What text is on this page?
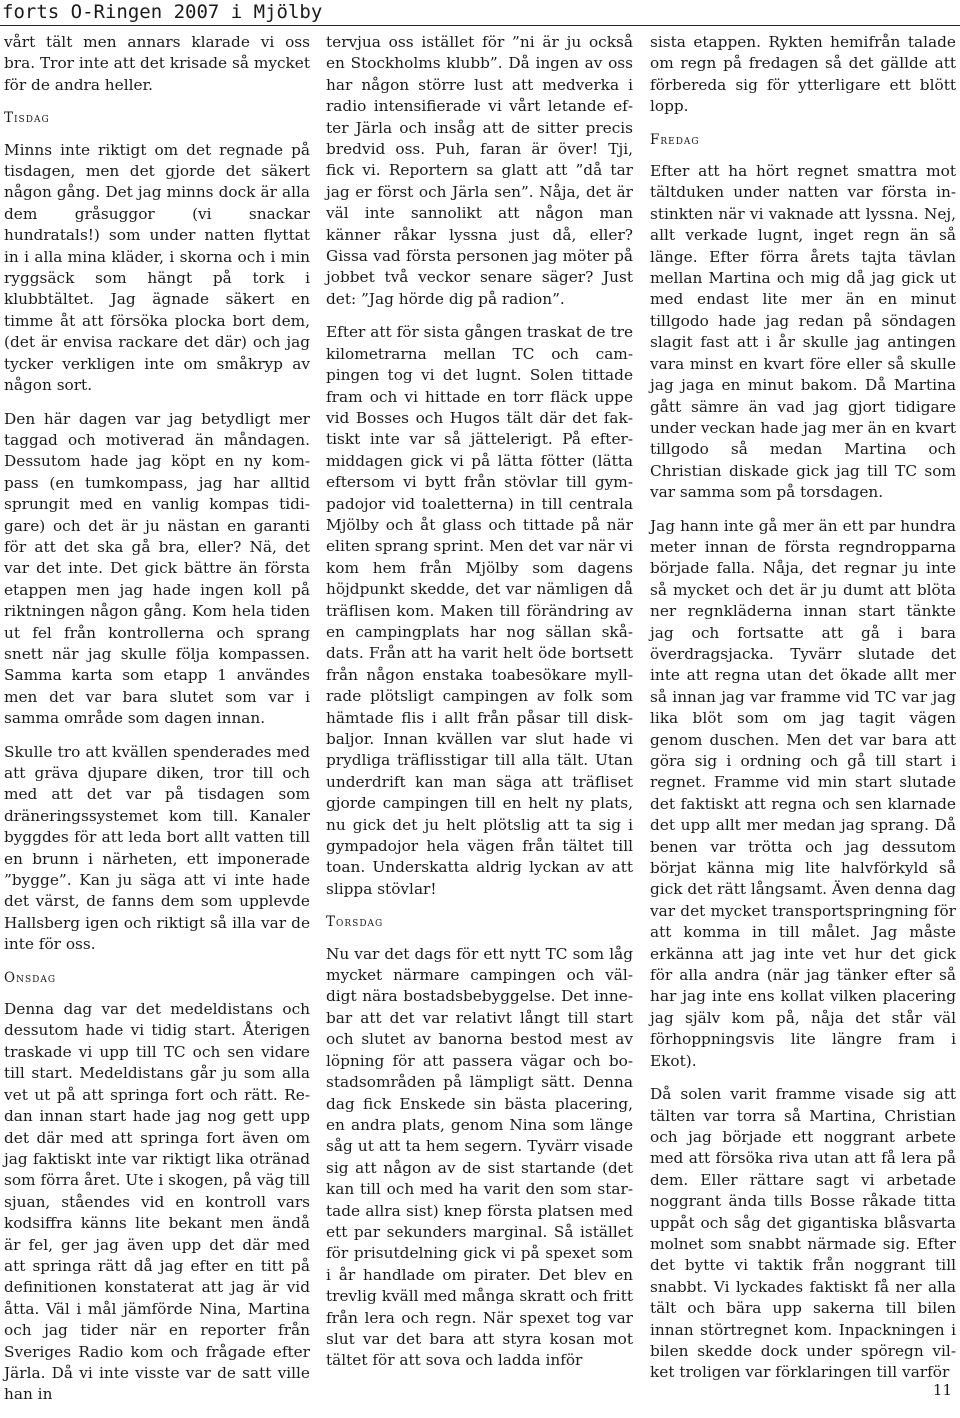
forts O-Ringen 2007 i Mjölby

vårt tält men annars klarade vi oss bra. Tror inte att det krisade så mycket för de andra heller.

Tisdag

Minns inte riktigt om det regnade på tisdagen, men det gjorde det säkert någon gång. Det jag minns dock är alla dem gråsuggor (vi snackar hundratals!) som under natten flyttat in i alla mina kläder, i skorna och i min ryggsäck som hängt på tork i klubbtältet. Jag ägnade säkert en timme åt att försöka plocka bort dem, (det är envisa rackare det där) och jag tycker verkligen inte om småkryp av någon sort.

Den här dagen var jag betydligt mer taggad och motiverad än måndagen. Dessutom hade jag köpt en ny kompass (en tumkompass, jag har alltid sprungit med en vanlig kompas tidigare) och det är ju nästan en garanti för att det ska gå bra, eller? Nä, det var det inte. Det gick bättre än första etappen men jag hade ingen koll på riktningen någon gång. Kom hela tiden ut fel från kontrollerna och sprang snett när jag skulle följa kompassen. Samma karta som etapp 1 användes men det var bara slutet som var i samma område som dagen innan.

Skulle tro att kvällen spenderades med att gräva djupare diken, tror till och med att det var på tisdagen som dräneringssystemet kom till. Kanaler byggdes för att leda bort allt vatten till en brunn i närheten, ett imponerade ”bygge”. Kan ju säga att vi inte hade det värst, de fanns dem som upplevde Hallsberg igen och riktigt så illa var de inte för oss.

Onsdag

Denna dag var det medeldistans och dessutom hade vi tidig start. Återigen traskade vi upp till TC och sen vidare till start. Medeldistans går ju som alla vet ut på att springa fort och rätt. Redan innan start hade jag nog gett upp det där med att springa fort även om jag faktiskt inte var riktigt lika otränad som förra året. Ute i skogen, på väg till sjuan, ståendes vid en kontroll vars kodsiffra känns lite bekant men ändå är fel, ger jag även upp det där med att springa rätt då jag efter en titt på definitionen konstaterat att jag är vid åtta. Väl i mål jämförde Nina, Martina och jag tider när en reporter från Sveriges Radio kom och frågade efter Järla. Då vi inte visste var de satt ville han in

tervjua oss istället för ”ni är ju också en Stockholms klubb”. Då ingen av oss har någon större lust att medverka i radio intensifierade vi vårt letande efter Järla och insåg att de sitter precis bredvid oss. Puh, faran är över! Tji, fick vi. Reportern sa glatt att ”då tar jag er först och Järla sen”. Nåja, det är väl inte sannolikt att någon man känner råkar lyssna just då, eller? Gissa vad första personen jag möter på jobbet två veckor senare säger? Just det: ”Jag hörde dig på radion”.

Efter att för sista gången traskat de tre kilometrarna mellan TC och campingen tog vi det lugnt. Solen tittade fram och vi hittade en torr fläck uppe vid Bosses och Hugos tält där det faktiskt inte var så jättelerigt. På eftermiddagen gick vi på lätta fötter (lätta eftersom vi bytt från stövlar till gympadojor vid toaletterna) in till centrala Mjölby och åt glass och tittade på när eliten sprang sprint. Men det var när vi kom hem från Mjölby som dagens höjdpunkt skedde, det var nämligen då träflisen kom. Maken till förändring av en campingplats har nog sällan skådats. Från att ha varit helt öde bortsett från någon enstaka toabesökare myllrade plötsligt campingen av folk som hämtade flis i allt från påsar till diskbaljor. Innan kvällen var slut hade vi prydliga träflisstigar till alla tält. Utan underdrift kan man säga att träfliset gjorde campingen till en helt ny plats, nu gick det ju helt plötslig att ta sig i gympadojor hela vägen från tältet till toan. Underskatta aldrig lyckan av att slippa stövlar!

Torsdag

Nu var det dags för ett nytt TC som låg mycket närmare campingen och väldigt nära bostadsbebyggelse. Det innebar att det var relativt långt till start och slutet av banorna bestod mest av löpning för att passera vägar och bostadsområden på lämpligt sätt. Denna dag fick Enskede sin bästa placering, en andra plats, genom Nina som länge såg ut att ta hem segern. Tyvärr visade sig att någon av de sist startande (det kan till och med ha varit den som startade allra sist) knep första platsen med ett par sekunders marginal. Så istället för prisutdelning gick vi på spexet som i år handlade om pirater. Det blev en trevlig kväll med många skratt och fritt från lera och regn. När spexet tog var slut var det bara att styra kosan mot tältet för att sova och ladda inför

sista etappen. Rykten hemifrån talade om regn på fredagen så det gällde att förbereda sig för ytterligare ett blött lopp.

Fredag

Efter att ha hört regnet smattra mot tältduken under natten var första instinkten när vi vaknade att lyssna. Nej, allt verkade lugnt, inget regn än så länge. Efter förra årets tajta tävlan mellan Martina och mig då jag gick ut med endast lite mer än en minut tillgodo hade jag redan på söndagen slagit fast att i år skulle jag antingen vara minst en kvart före eller så skulle jag jaga en minut bakom. Då Martina gått sämre än vad jag gjort tidigare under veckan hade jag mer än en kvart tillgodo så medan Martina och Christian diskade gick jag till TC som var samma som på torsdagen.

Jag hann inte gå mer än ett par hundra meter innan de första regndropparna började falla. Nåja, det regnar ju inte så mycket och det är ju dumt att blöta ner regnkläderna innan start tänkte jag och fortsatte att gå i bara överdragsjacka. Tyvärr slutade det inte att regna utan det ökade allt mer så innan jag var framme vid TC var jag lika blöt som om jag tagit vägen genom duschen. Men det var bara att göra sig i ordning och gå till start i regnet. Framme vid min start slutade det faktiskt att regna och sen klarnade det upp allt mer medan jag sprang. Då benen var trötta och jag dessutom börjat känna mig lite halvförkyld så gick det rätt långsamt. Även denna dag var det mycket transportspringning för att komma in till målet. Jag måste erkänna att jag inte vet hur det gick för alla andra (när jag tänker efter så har jag inte ens kollat vilken placering jag själv kom på, nåja det står väl förhoppningsvis lite längre fram i Ekot).

Då solen varit framme visade sig att tälten var torra så Martina, Christian och jag började ett noggrant arbete med att försöka riva utan att få lera på dem. Eller rättare sagt vi arbetade noggrant ända tills Bosse råkade titta uppåt och såg det gigantiska blåsvarta molnet som snabbt närmade sig. Efter det bytte vi taktik från noggrant till snabbt. Vi lyckades faktiskt få ner alla tält och bära upp sakerna till bilen innan störtregnet kom. Inpackningen i bilen skedde dock under spöregn vilket troligen var förklaringen till varför

11
